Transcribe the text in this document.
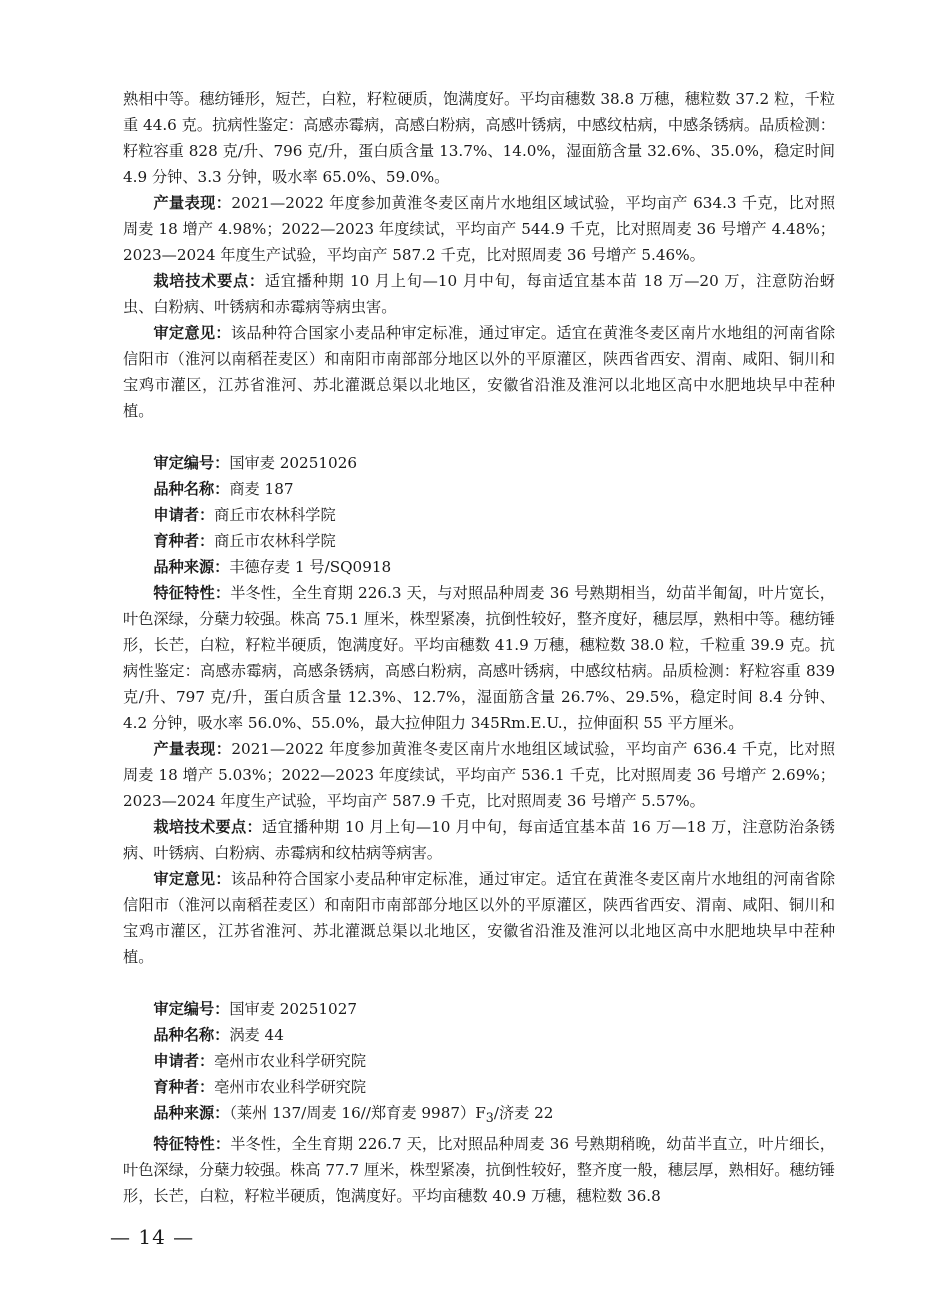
熟相中等。穗纺锤形，短芒，白粒，籽粒硬质，饱满度好。平均亩穗数 38.8 万穗，穗粒数 37.2 粒，千粒重 44.6 克。抗病性鉴定：高感赤霉病，高感白粉病，高感叶锈病，中感纹枯病，中感条锈病。品质检测：籽粒容重 828 克/升、796 克/升，蛋白质含量 13.7%、14.0%，湿面筋含量 32.6%、35.0%，稳定时间 4.9 分钟、3.3 分钟，吸水率 65.0%、59.0%。

产量表现：2021—2022 年度参加黄淮冬麦区南片水地组区域试验，平均亩产 634.3 千克，比对照周麦 18 增产 4.98%；2022—2023 年度续试，平均亩产 544.9 千克，比对照周麦 36 号增产 4.48%；2023—2024 年度生产试验，平均亩产 587.2 千克，比对照周麦 36 号增产 5.46%。

栽培技术要点：适宜播种期 10 月上旬—10 月中旬，每亩适宜基本苗 18 万—20 万，注意防治蚜虫、白粉病、叶锈病和赤霉病等病虫害。

审定意见：该品种符合国家小麦品种审定标准，通过审定。适宜在黄淮冬麦区南片水地组的河南省除信阳市（淮河以南稻茬麦区）和南阳市南部部分地区以外的平原灌区，陕西省西安、渭南、咸阳、铜川和宝鸡市灌区，江苏省淮河、苏北灌溉总渠以北地区，安徽省沿淮及淮河以北地区高中水肥地块早中茬种植。

审定编号：国审麦 20251026

品种名称：商麦 187

申请者：商丘市农林科学院

育种者：商丘市农林科学院

品种来源：丰德存麦 1 号/SQ0918

特征特性：半冬性，全生育期 226.3 天，与对照品种周麦 36 号熟期相当，幼苗半匍匐，叶片宽长，叶色深绿，分蘖力较强。株高 75.1 厘米，株型紧凑，抗倒性较好，整齐度好，穗层厚，熟相中等。穗纺锤形，长芒，白粒，籽粒半硬质，饱满度好。平均亩穗数 41.9 万穗，穗粒数 38.0 粒，千粒重 39.9 克。抗病性鉴定：高感赤霉病，高感条锈病，高感白粉病，高感叶锈病，中感纹枯病。品质检测：籽粒容重 839 克/升、797 克/升，蛋白质含量 12.3%、12.7%，湿面筋含量 26.7%、29.5%，稳定时间 8.4 分钟、4.2 分钟，吸水率 56.0%、55.0%，最大拉伸阻力 345Rm.E.U.，拉伸面积 55 平方厘米。

产量表现：2021—2022 年度参加黄淮冬麦区南片水地组区域试验，平均亩产 636.4 千克，比对照周麦 18 增产 5.03%；2022—2023 年度续试，平均亩产 536.1 千克，比对照周麦 36 号增产 2.69%；2023—2024 年度生产试验，平均亩产 587.9 千克，比对照周麦 36 号增产 5.57%。

栽培技术要点：适宜播种期 10 月上旬—10 月中旬，每亩适宜基本苗 16 万—18 万，注意防治条锈病、叶锈病、白粉病、赤霉病和纹枯病等病害。

审定意见：该品种符合国家小麦品种审定标准，通过审定。适宜在黄淮冬麦区南片水地组的河南省除信阳市（淮河以南稻茬麦区）和南阳市南部部分地区以外的平原灌区，陕西省西安、渭南、咸阳、铜川和宝鸡市灌区，江苏省淮河、苏北灌溉总渠以北地区，安徽省沿淮及淮河以北地区高中水肥地块早中茬种植。

审定编号：国审麦 20251027

品种名称：涡麦 44

申请者：亳州市农业科学研究院

育种者：亳州市农业科学研究院

品种来源：（莱州 137/周麦 16//郑育麦 $9987)F_3/$济麦 22

特征特性：半冬性，全生育期 226.7 天，比对照品种周麦 36 号熟期稍晚，幼苗半直立，叶片细长，叶色深绿，分蘖力较强。株高 77.7 厘米，株型紧凑，抗倒性较好，整齐度一般，穗层厚，熟相好。穗纺锤形，长芒，白粒，籽粒半硬质，饱满度好。平均亩穗数 40.9 万穗，穗粒数 36.8

— 14 —
